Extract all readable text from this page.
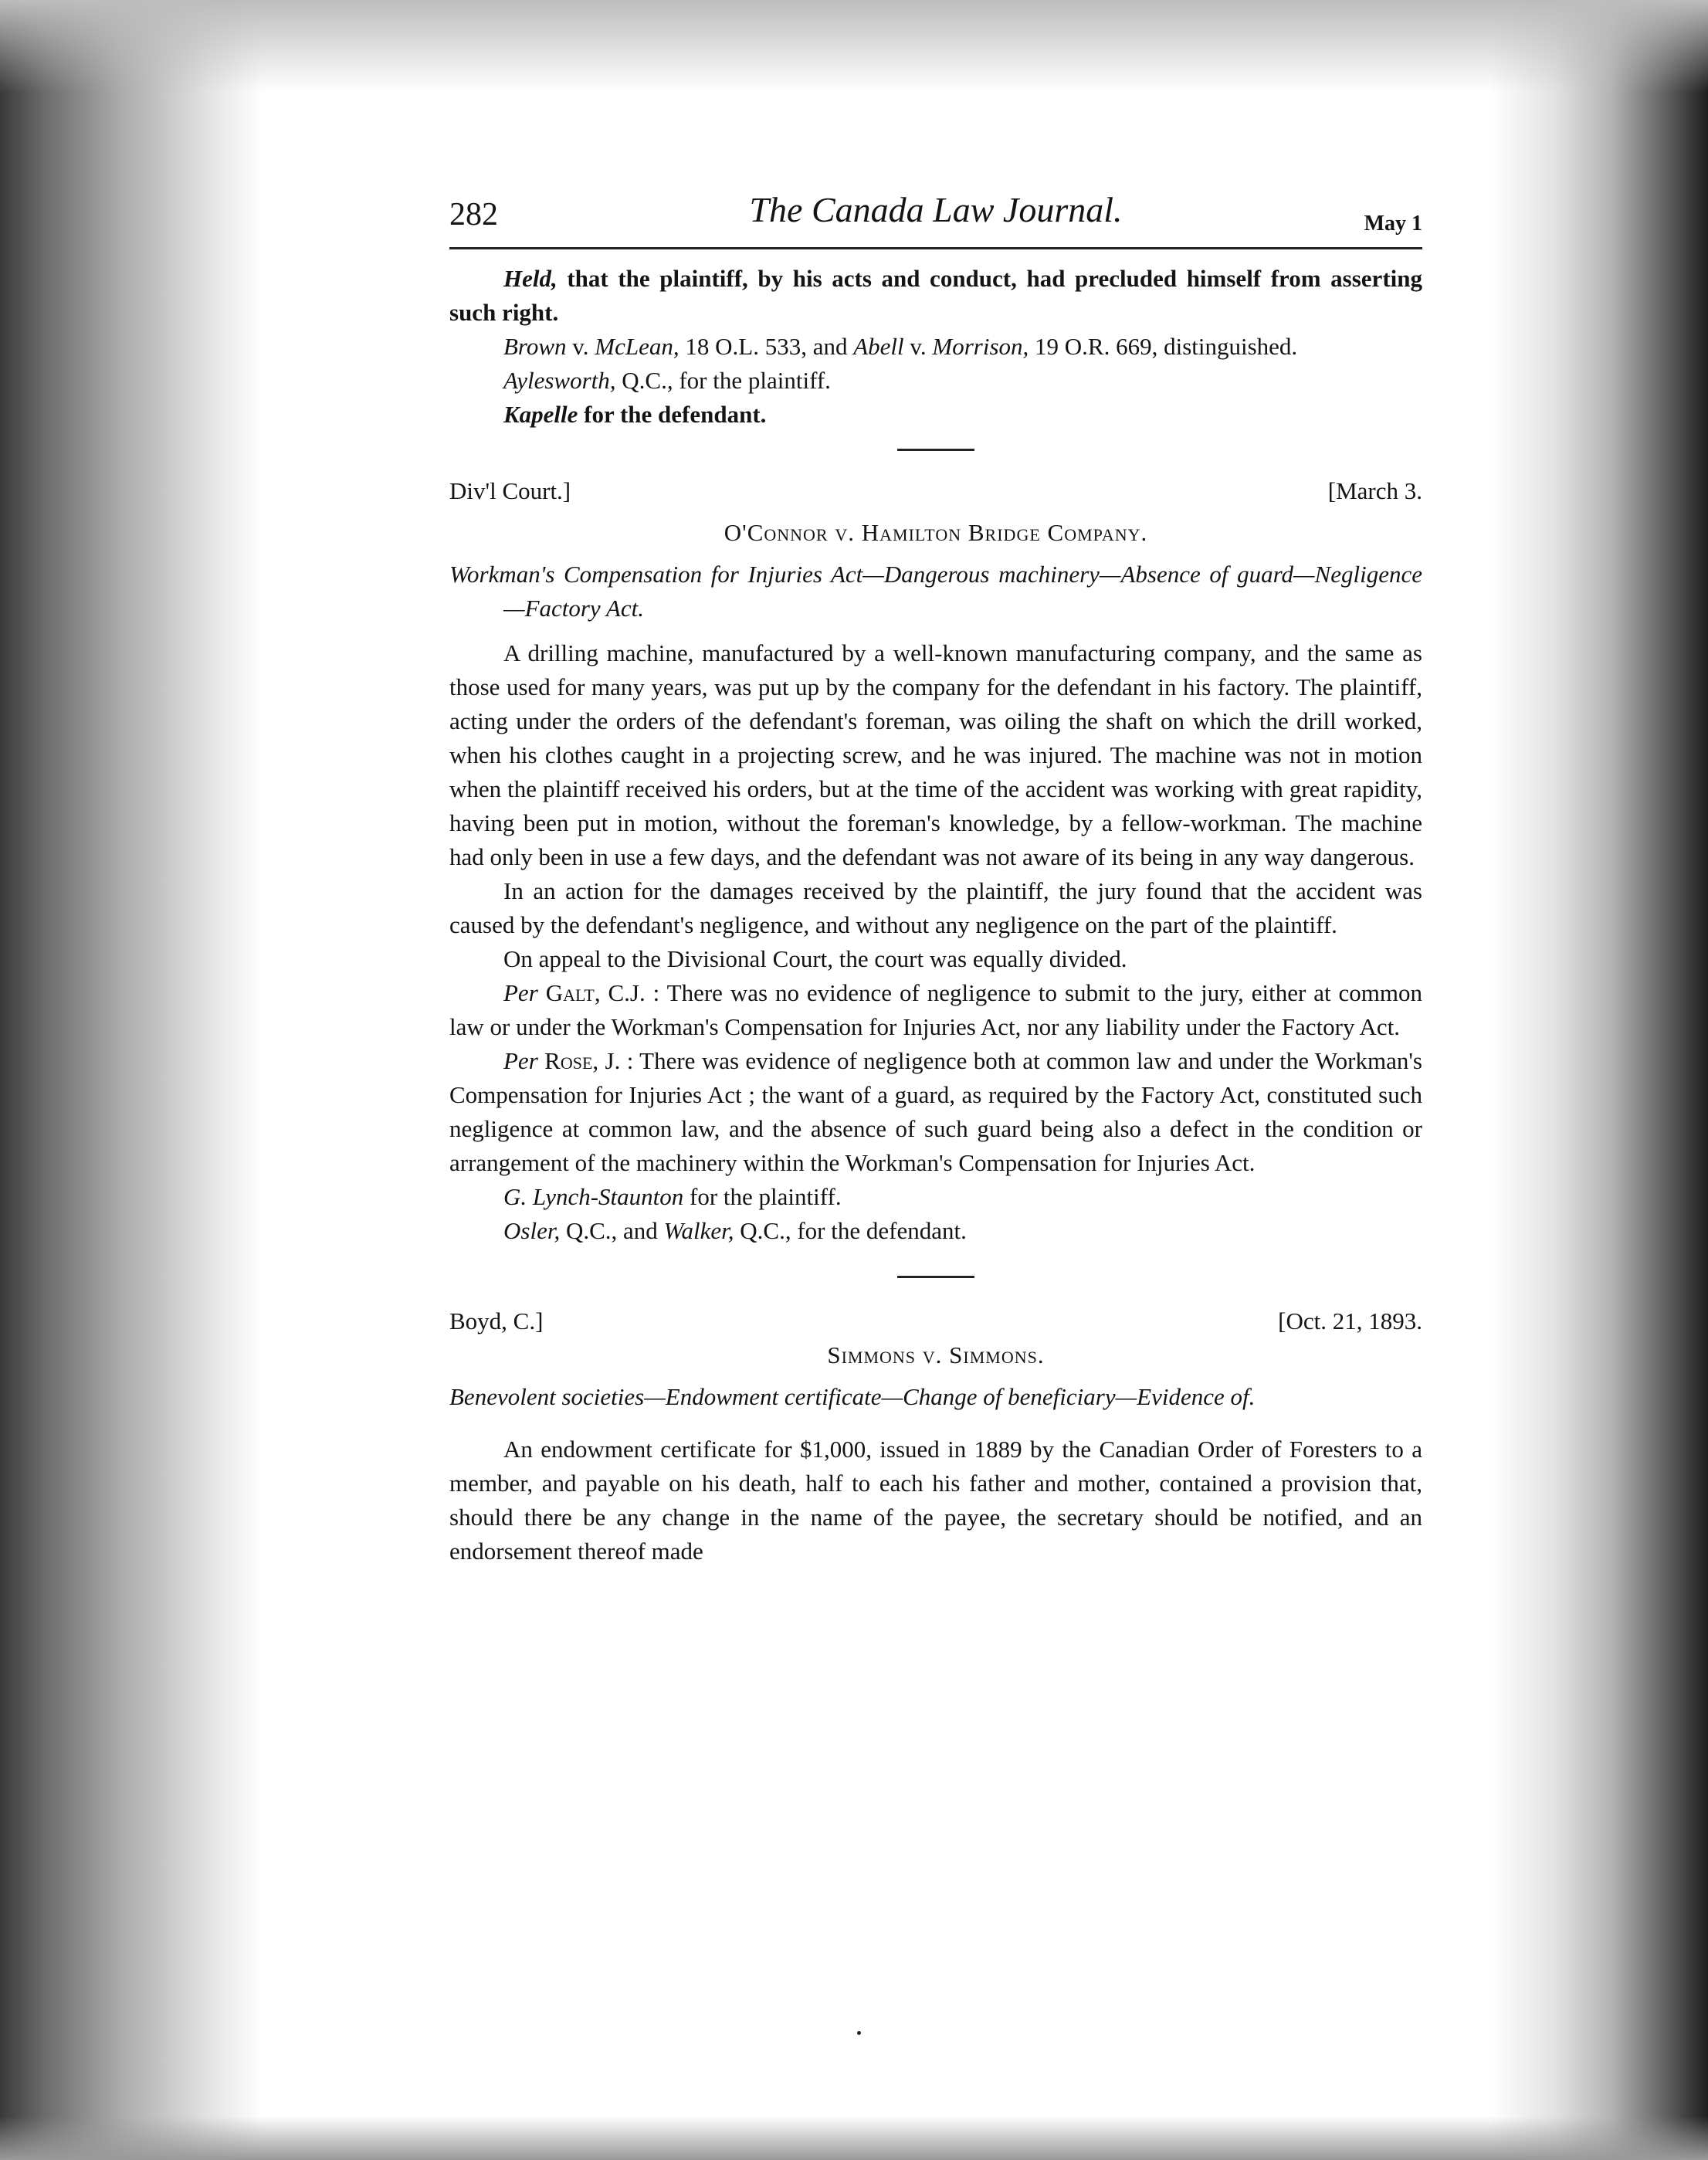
282	The Canada Law Journal.	May 1

Held, that the plaintiff, by his acts and conduct, had precluded himself from asserting such right.

Brown v. McLean, 18 O.L. 533, and Abell v. Morrison, 19 O.R. 669, distinguished.

Aylesworth, Q.C., for the plaintiff.

Kapelle for the defendant.

Div'l Court.]	[March 3.

O'Connor v. Hamilton Bridge Company.

Workman's Compensation for Injuries Act—Dangerous machinery—Absence of guard—Negligence—Factory Act.

A drilling machine, manufactured by a well-known manufacturing company, and the same as those used for many years, was put up by the company for the defendant in his factory. The plaintiff, acting under the orders of the defendant's foreman, was oiling the shaft on which the drill worked, when his clothes caught in a projecting screw, and he was injured. The machine was not in motion when the plaintiff received his orders, but at the time of the accident was working with great rapidity, having been put in motion, without the foreman's knowledge, by a fellow-workman. The machine had only been in use a few days, and the defendant was not aware of its being in any way dangerous.

In an action for the damages received by the plaintiff, the jury found that the accident was caused by the defendant's negligence, and without any negligence on the part of the plaintiff.

On appeal to the Divisional Court, the court was equally divided.

Per Galt, C.J. : There was no evidence of negligence to submit to the jury, either at common law or under the Workman's Compensation for Injuries Act, nor any liability under the Factory Act.

Per Rose, J. : There was evidence of negligence both at common law and under the Workman's Compensation for Injuries Act ; the want of a guard, as required by the Factory Act, constituted such negligence at common law, and the absence of such guard being also a defect in the condition or arrangement of the machinery within the Workman's Compensation for Injuries Act.

G. Lynch-Staunton for the plaintiff.

Osler, Q.C., and Walker, Q.C., for the defendant.

Boyd, C.]	[Oct. 21, 1893.

Simmons v. Simmons.

Benevolent societies—Endowment certificate—Change of beneficiary—Evidence of.

An endowment certificate for $1,000, issued in 1889 by the Canadian Order of Foresters to a member, and payable on his death, half to each his father and mother, contained a provision that, should there be any change in the name of the payee, the secretary should be notified, and an endorsement thereof made
